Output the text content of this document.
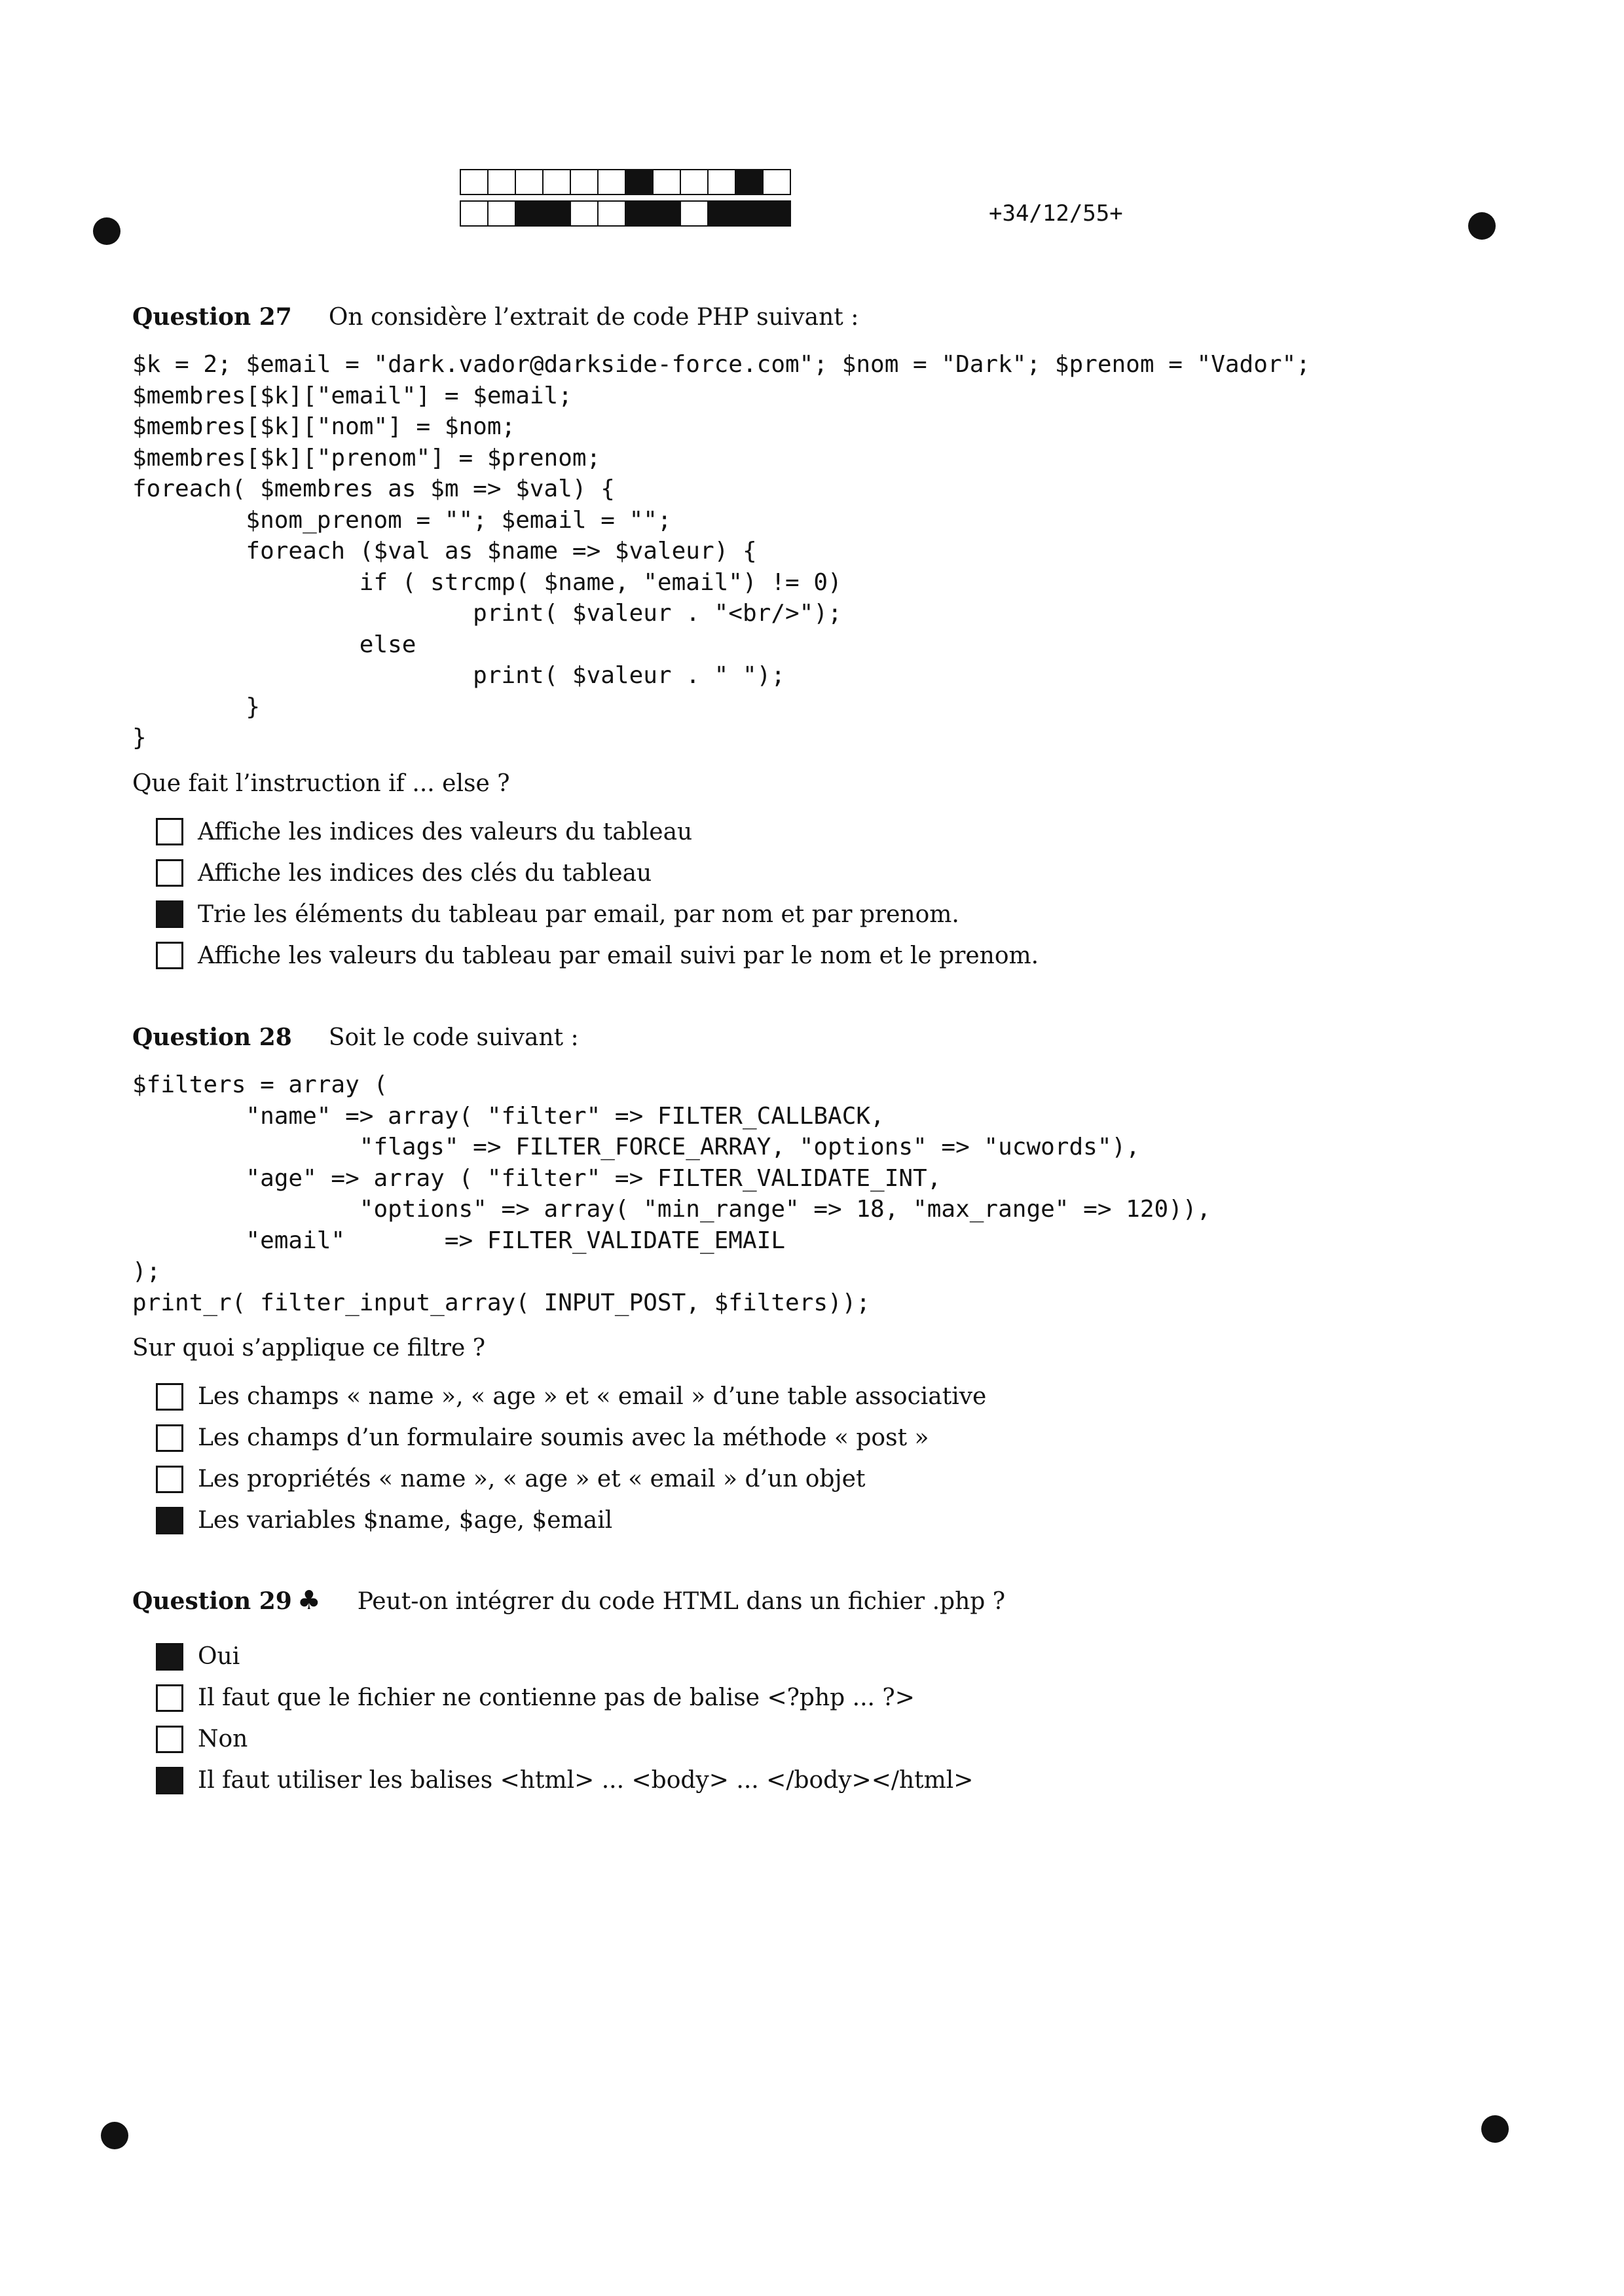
+34/12/55+
Question 27 On considère l’extrait de code PHP suivant :
$k = 2; $email = "dark.vador@darkside-force.com"; $nom = "Dark"; $prenom = "Vador";
$membres[$k]["email"] = $email;
$membres[$k]["nom"] = $nom;
$membres[$k]["prenom"] = $prenom;
foreach( $membres as $m => $val) {
$nom_prenom = ""; $email = "";
foreach ($val as $name => $valeur) {
if ( strcmp( $name, "email") != 0)
print( $valeur . "<br/>");
else
print( $valeur . " ");
}
}
Que fait l’instruction if ... else ?
Affiche les indices des valeurs du tableau
Affiche les indices des clés du tableau
Trie les éléments du tableau par email, par nom et par prenom.
Affiche les valeurs du tableau par email suivi par le nom et le prenom.
Question 28 Soit le code suivant :
$filters = array (
"name" => array( "filter" => FILTER_CALLBACK,
"flags" => FILTER_FORCE_ARRAY, "options" => "ucwords"),
"age" => array ( "filter" => FILTER_VALIDATE_INT,
"options" => array( "min_range" => 18, "max_range" => 120)),
"email"       => FILTER_VALIDATE_EMAIL
);
print_r( filter_input_array( INPUT_POST, $filters));
Sur quoi s’applique ce filtre ?
Les champs « name », « age » et « email » d’une table associative
Les champs d’un formulaire soumis avec la méthode « post »
Les propriétés « name », « age » et « email » d’un objet
Les variables $name, $age, $email
Question 29 ♣ Peut-on intégrer du code HTML dans un fichier .php ?
Oui
Il faut que le fichier ne contienne pas de balise <?php ... ?>
Non
Il faut utiliser les balises <html> ... <body> ... </body></html>
